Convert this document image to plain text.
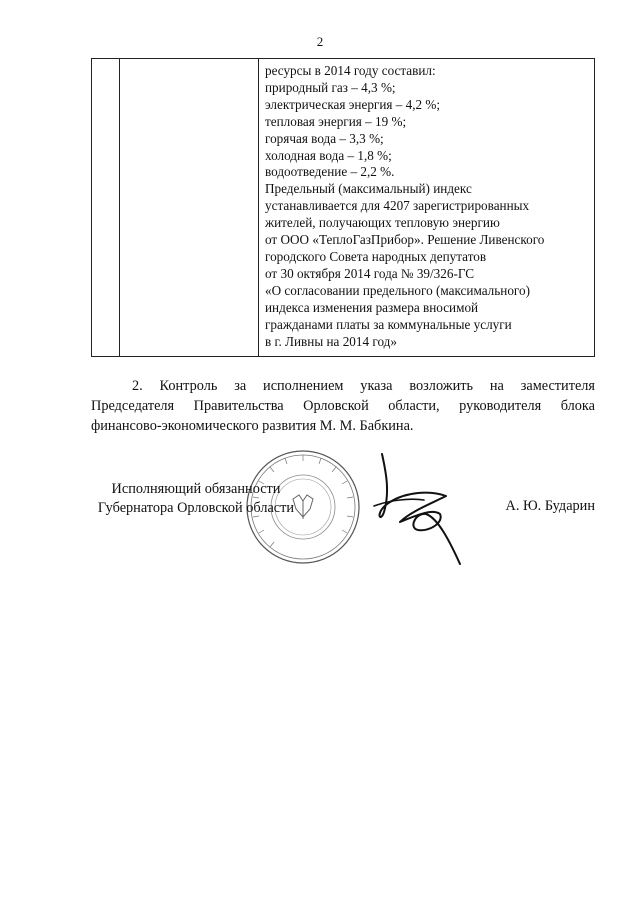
2
ресурсы в 2014 году составил:
природный газ – 4,3 %;
электрическая энергия – 4,2 %;
тепловая энергия – 19 %;
горячая вода – 3,3 %;
холодная вода – 1,8 %;
водоотведение – 2,2 %.
Предельный (максимальный) индекс
устанавливается для 4207 зарегистрированных
жителей, получающих тепловую энергию
от ООО «ТеплоГазПрибор». Решение Ливенского
городского Совета народных депутатов
от 30 октября 2014 года № 39/326-ГС
«О согласовании предельного (максимального)
индекса изменения размера вносимой
гражданами платы за коммунальные услуги
в г. Ливны на 2014 год»
2. Контроль за исполнением указа возложить на заместителя
Председателя Правительства Орловской области, руководителя блока
финансово-экономического развития М. М. Бабкина.
Исполняющий обязанности
Губернатора Орловской области	А. Ю. Бударин
